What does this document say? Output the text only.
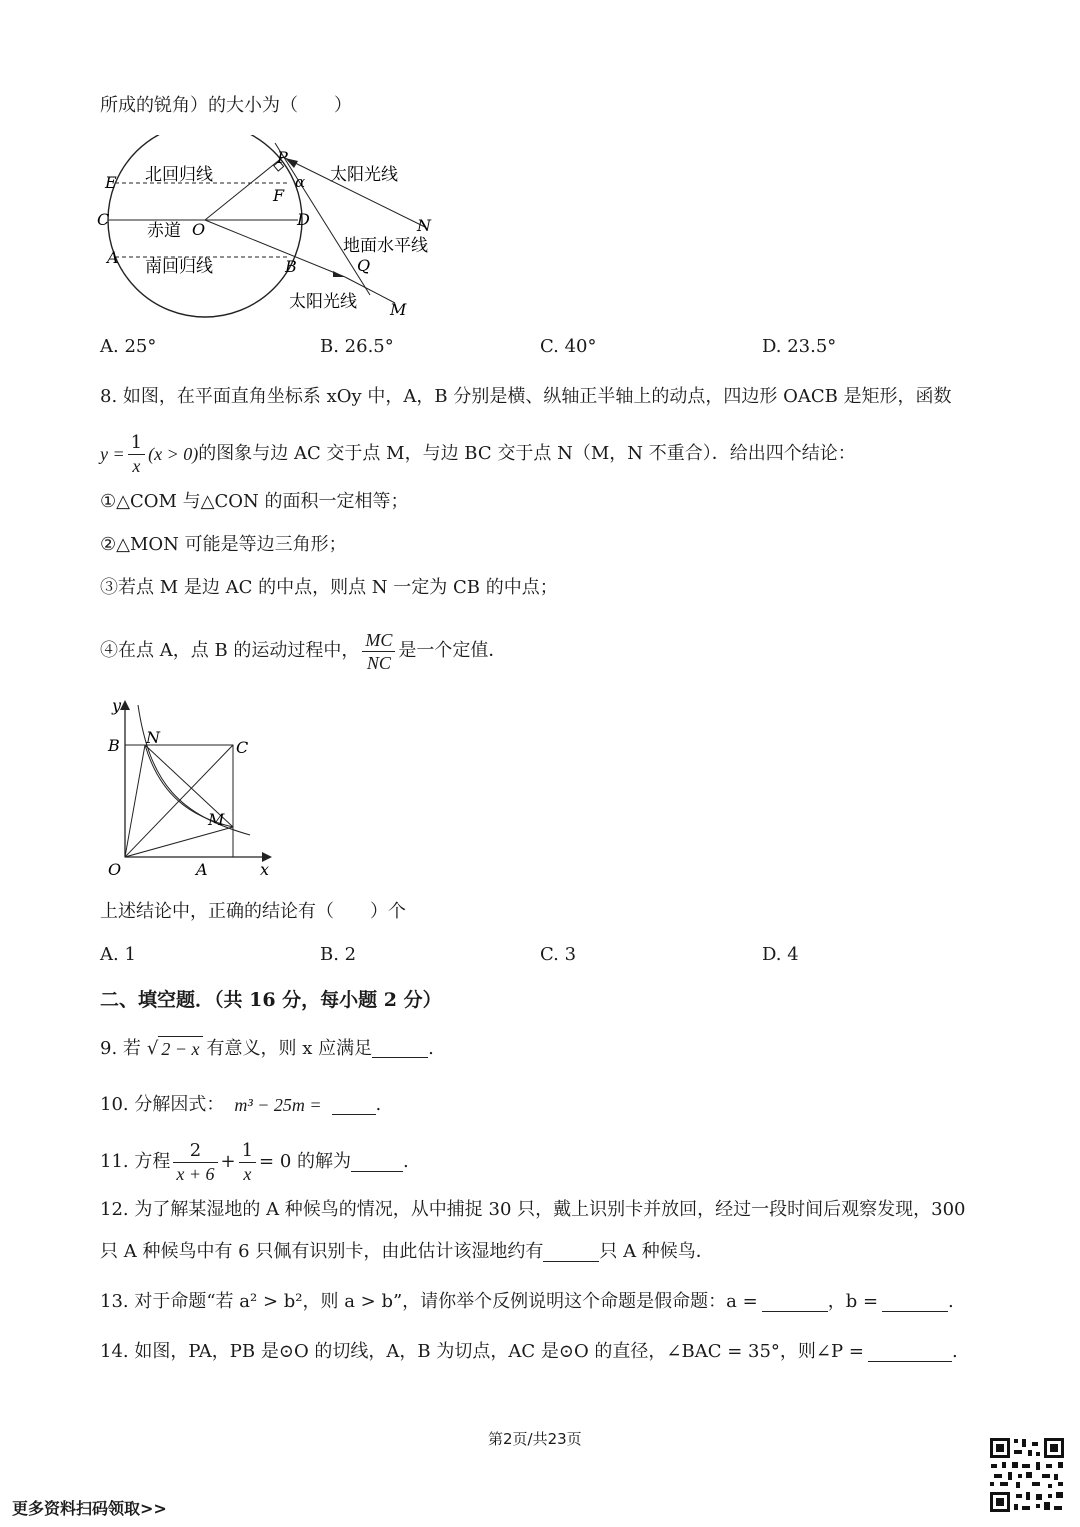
所成的锐角）的大小为（　　）
P
E
F
C
O
D
A	B	Q
N
M
α
北回归线
赤道
南回归线
太阳光线
太阳光线
地面水平线
A. 25°	B. 26.5°	C. 40°	D. 23.5°
8. 如图，在平面直角坐标系 xOy 中，A，B 分别是横、纵轴正半轴上的动点，四边形 OACB 是矩形，函数
$y = \frac{1}{x} (x > 0)$ 的图象与边 AC 交于点 M，与边 BC 交于点 N（M，N 不重合）．给出四个结论：
①△COM 与△CON 的面积一定相等；
②△MON 可能是等边三角形；
③若点 M 是边 AC 的中点，则点 N 一定为 CB 的中点；
④在点 A，点 B 的运动过程中， $\frac{MC}{NC}$ 是一个定值．
y
B N
C
M
O	A	x
上述结论中，正确的结论有（　　）个
A. 1	B. 2	C. 3	D. 4
二、填空题．（共 16 分，每小题 2 分）
9. 若 √ 2 − x 有意义，则 x 应满足	.
10. 分解因式： m³ − 25m =	.
11. 方程 $\frac{2}{x + 6} + \frac{1}{x} = 0$ 的解为	.
12. 为了解某湿地的 A 种候鸟的情况，从中捕捉 30 只，戴上识别卡并放回，经过一段时间后观察发现，300
只 A 种候鸟中有 6 只佩有识别卡，由此估计该湿地约有	只 A 种候鸟．
13. 对于命题“若 a² > b²，则 a > b”，请你举个反例说明这个命题是假命题：a =	，b =	.
14. 如图，PA，PB 是⊙O 的切线，A，B 为切点，AC 是⊙O 的直径，∠BAC = 35°，则∠P =	.
第2页/共23页
更多资料扫码领取>>
